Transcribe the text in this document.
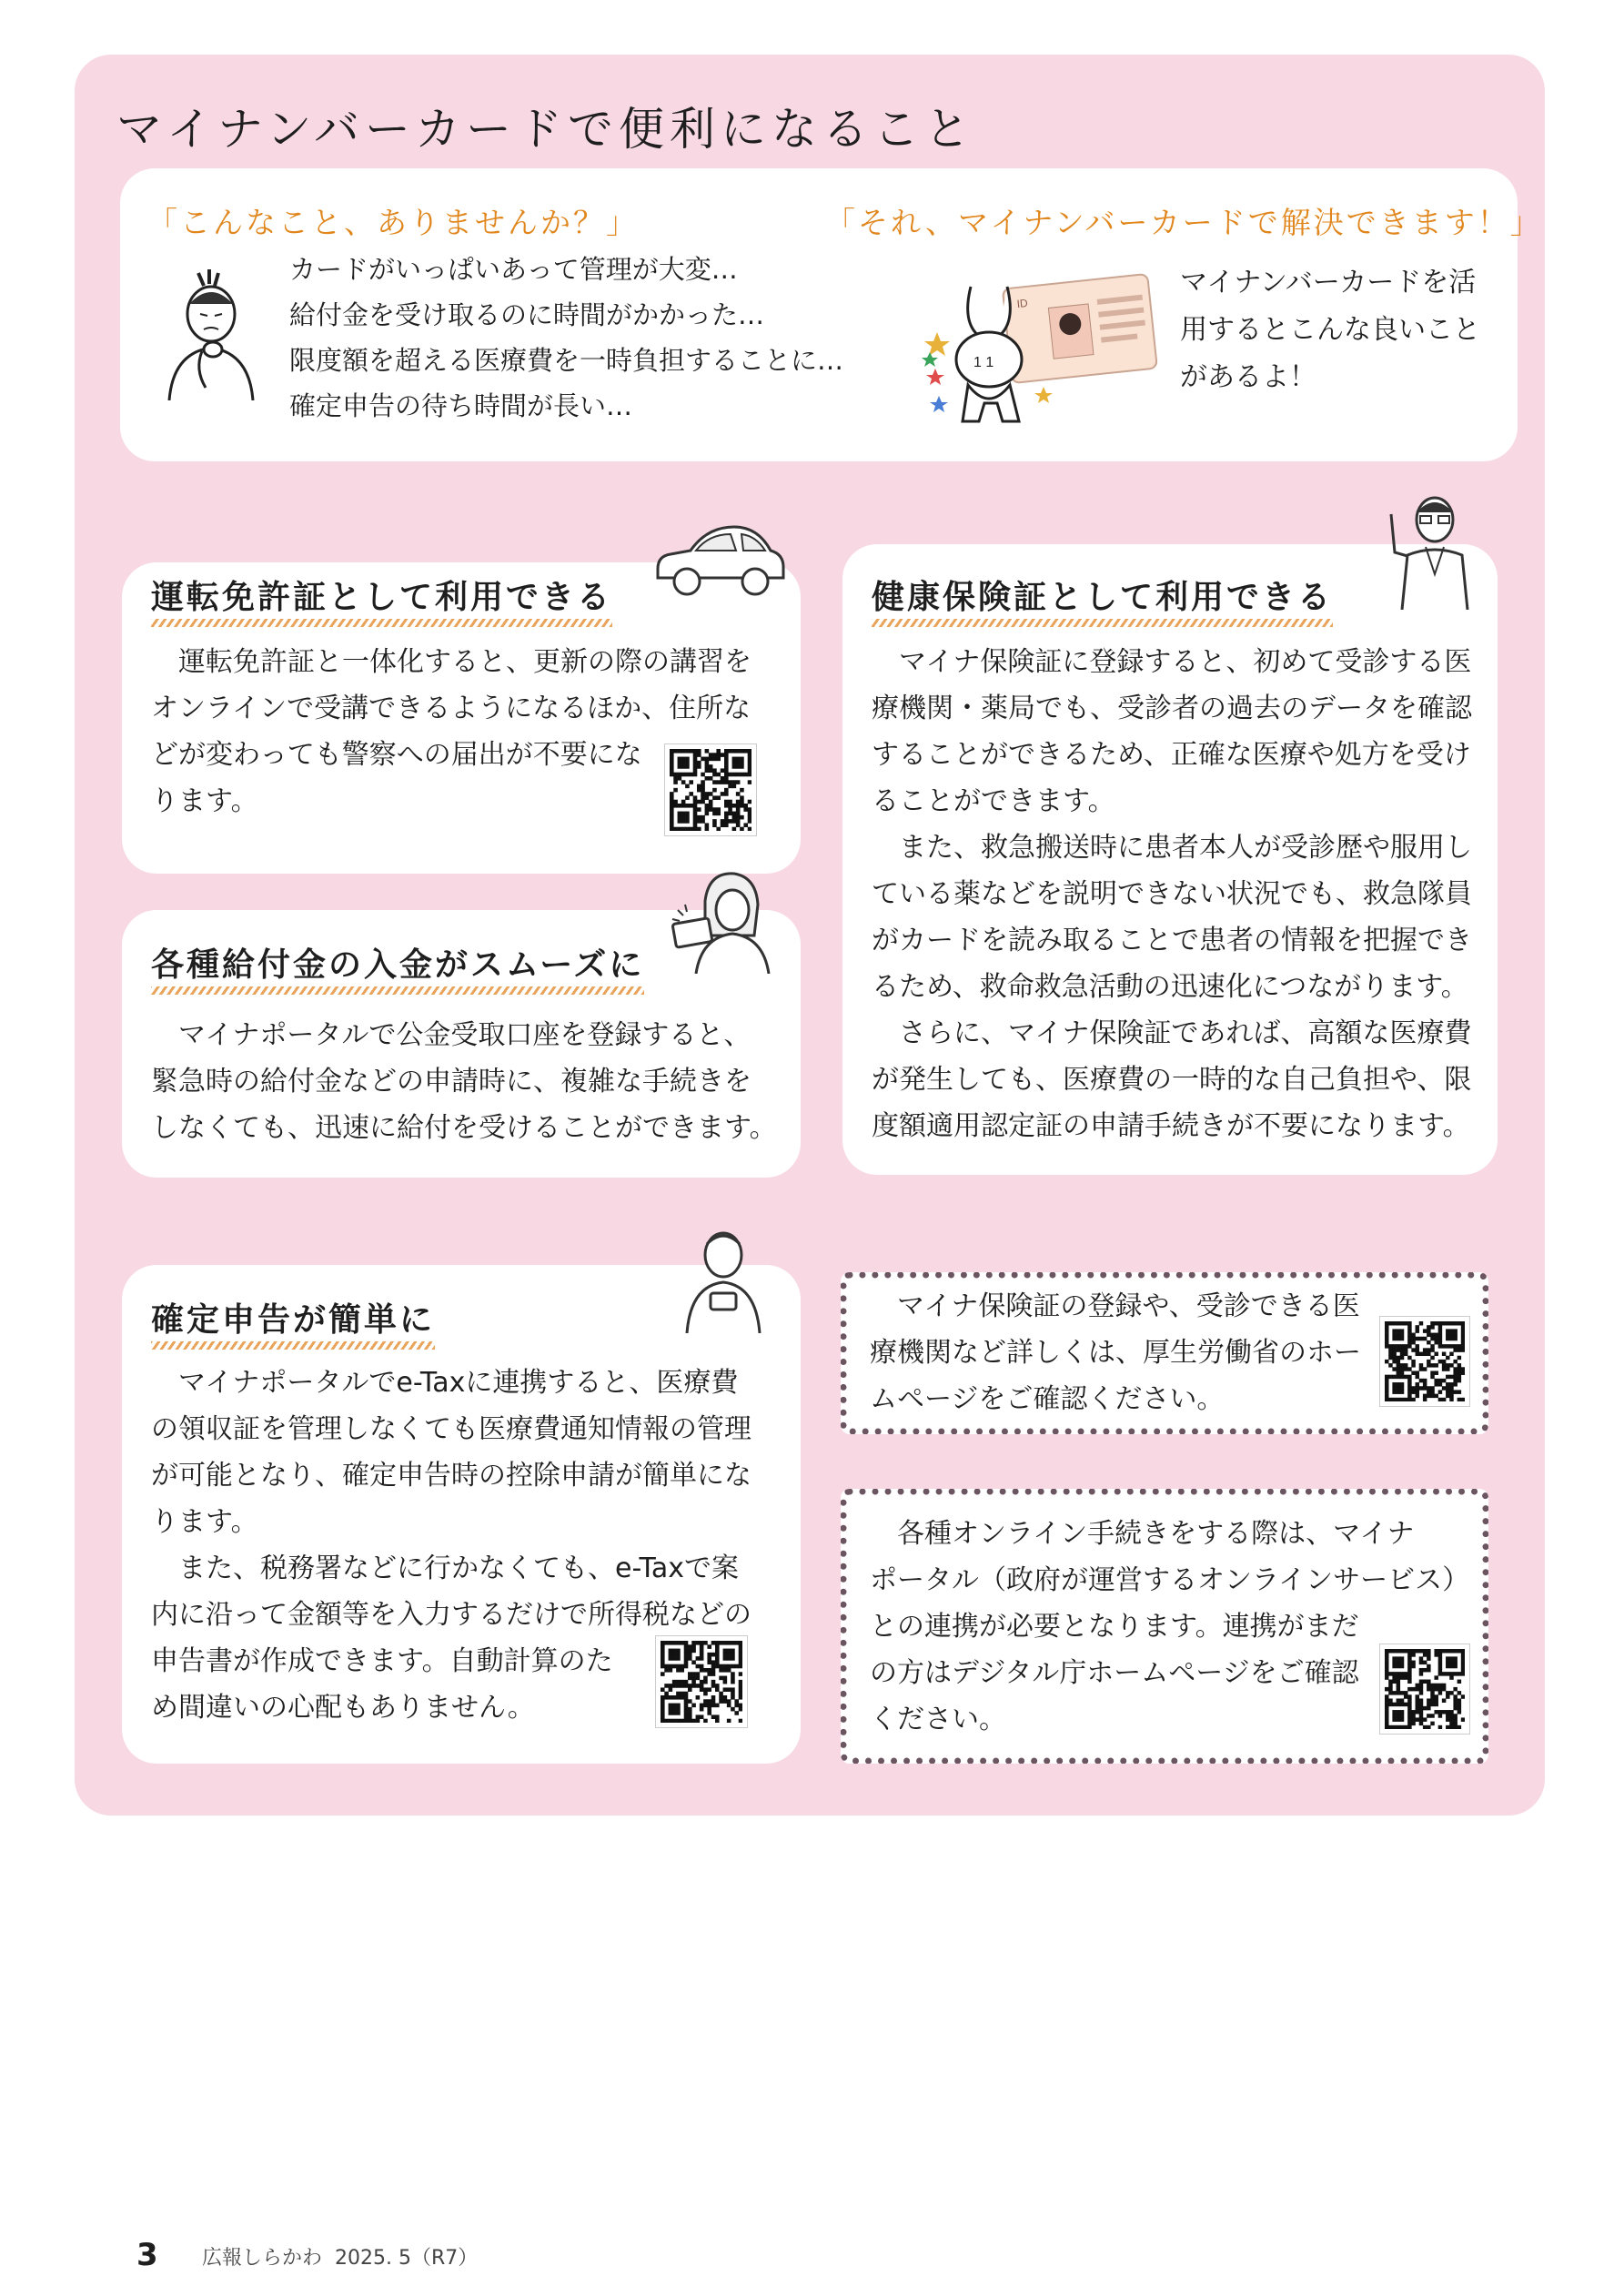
マイナンバーカードで便利になること
「こんなこと、ありませんか？」	「それ、マイナンバーカードで解決できます！」
カードがいっぱいあって管理が大変…
給付金を受け取るのに時間がかかった…
限度額を超える医療費を一時負担することに…
確定申告の待ち時間が長い…
ID
1 1
マイナンバーカードを活
用するとこんな良いこと
があるよ！
運転免許証として利用できる
運転免許証と一体化すると、更新の際の講習を
オンラインで受講できるようになるほか、住所な
どが変わっても警察への届出が不要にな
ります。
各種給付金の入金がスムーズに
マイナポータルで公金受取口座を登録すると、
緊急時の給付金などの申請時に、複雑な手続きを
しなくても、迅速に給付を受けることができます。
健康保険証として利用できる
マイナ保険証に登録すると、初めて受診する医
療機関・薬局でも、受診者の過去のデータを確認
することができるため、正確な医療や処方を受け
ることができます。
また、救急搬送時に患者本人が受診歴や服用し
ている薬などを説明できない状況でも、救急隊員
がカードを読み取ることで患者の情報を把握でき
るため、救命救急活動の迅速化につながります。
さらに、マイナ保険証であれば、高額な医療費
が発生しても、医療費の一時的な自己負担や、限
度額適用認定証の申請手続きが不要になります。
確定申告が簡単に
マイナポータルでe-Taxに連携すると、医療費
の領収証を管理しなくても医療費通知情報の管理
が可能となり、確定申告時の控除申請が簡単にな
ります。
また、税務署などに行かなくても、e-Taxで案
内に沿って金額等を入力するだけで所得税などの
申告書が作成できます。自動計算のた
め間違いの心配もありません。
マイナ保険証の登録や、受診できる医
療機関など詳しくは、厚生労働省のホー
ムページをご確認ください。
各種オンライン手続きをする際は、マイナ
ポータル（政府が運営するオンラインサービス）
との連携が必要となります。連携がまだ
の方はデジタル庁ホームページをご確認
ください。
3 広報しらかわ 2025. 5（R7）
